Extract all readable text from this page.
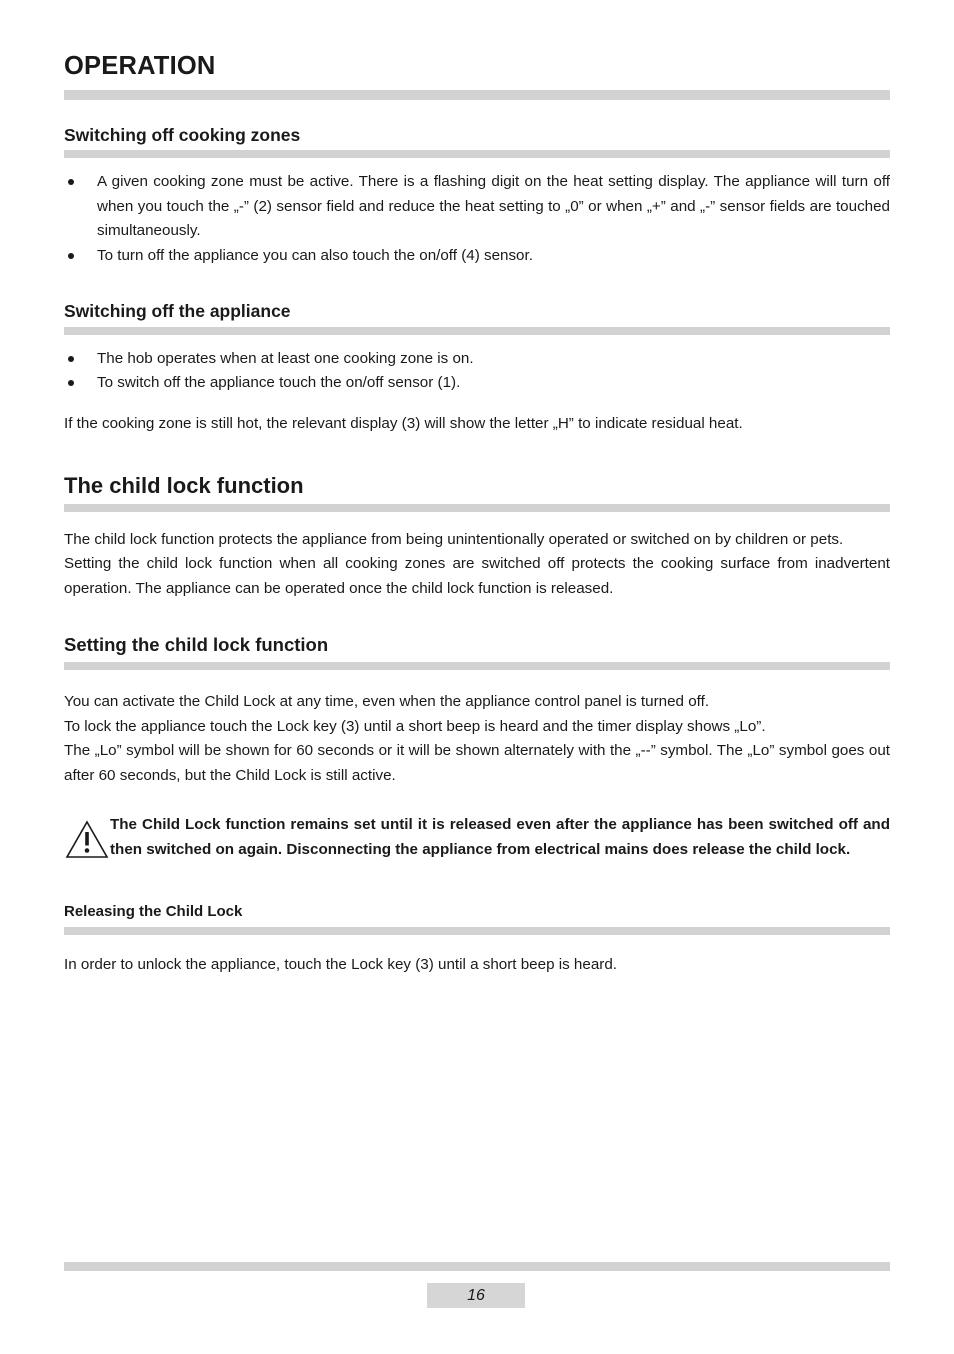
OPERATION
Switching off cooking zones
A given cooking zone must be active. There is a flashing digit on the heat setting display. The appliance will turn off when you touch the „-” (2) sensor field and reduce the heat setting to „0” or when „+” and „-” sensor fields are touched simultaneously.
To turn off the appliance you can also touch the on/off (4) sensor.
Switching off the appliance
The hob operates when at least one cooking zone is on.
To switch off the appliance touch the on/off sensor (1).

If the cooking zone is still hot, the relevant display (3) will show the letter „H” to indicate residual heat.

The child lock function

The child lock function protects the appliance from being unintentionally operated or switched on by children or pets.

Setting the child lock function when all cooking zones are switched off protects the cooking surface from inadvertent operation. The appliance can be operated once the child lock function is released.

Setting the child lock function

You can activate the Child Lock at any time, even when the appliance control panel is turned off.

To lock the appliance touch the Lock key (3) until a short beep is heard and the timer display shows „Lo”.

The „Lo” symbol will be shown for 60 seconds or it will be shown alternately with the „--” symbol. The „Lo” symbol goes out after 60 seconds, but the Child Lock is still active.

The Child Lock function remains set until it is released even after the appliance has been switched off and then switched on again. Disconnecting the appliance from electrical mains does release the child lock.
Releasing the Child Lock

In order to unlock the appliance, touch the Lock key (3) until a short beep is heard.

16
